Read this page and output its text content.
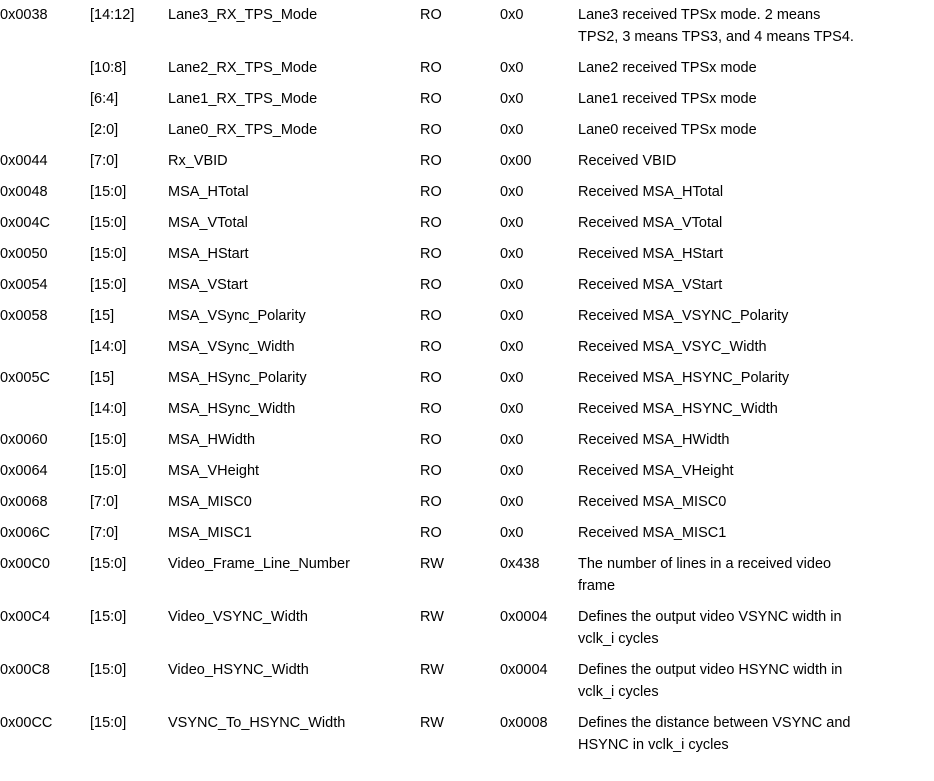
0x0038	[14:12]	Lane3_RX_TPS_Mode	RO	0x0	Lane3 received TPSx mode. 2 means
TPS2, 3 means TPS3, and 4 means TPS4.

	[10:8]	Lane2_RX_TPS_Mode	RO	0x0	Lane2 received TPSx mode

	[6:4]	Lane1_RX_TPS_Mode	RO	0x0	Lane1 received TPSx mode

	[2:0]	Lane0_RX_TPS_Mode	RO	0x0	Lane0 received TPSx mode

0x0044	[7:0]	Rx_VBID	RO	0x00	Received VBID

0x0048	[15:0]	MSA_HTotal	RO	0x0	Received MSA_HTotal

0x004C	[15:0]	MSA_VTotal	RO	0x0	Received MSA_VTotal

0x0050	[15:0]	MSA_HStart	RO	0x0	Received MSA_HStart

0x0054	[15:0]	MSA_VStart	RO	0x0	Received MSA_VStart

0x0058	[15]	MSA_VSync_Polarity	RO	0x0	Received MSA_VSYNC_Polarity

	[14:0]	MSA_VSync_Width	RO	0x0	Received MSA_VSYC_Width

0x005C	[15]	MSA_HSync_Polarity	RO	0x0	Received MSA_HSYNC_Polarity

	[14:0]	MSA_HSync_Width	RO	0x0	Received MSA_HSYNC_Width

0x0060	[15:0]	MSA_HWidth	RO	0x0	Received MSA_HWidth

0x0064	[15:0]	MSA_VHeight	RO	0x0	Received MSA_VHeight

0x0068	[7:0]	MSA_MISC0	RO	0x0	Received MSA_MISC0

0x006C	[7:0]	MSA_MISC1	RO	0x0	Received MSA_MISC1

0x00C0	[15:0]	Video_Frame_Line_Number	RW	0x438	The number of lines in a received video
frame

0x00C4	[15:0]	Video_VSYNC_Width	RW	0x0004	Defines the output video VSYNC width in
vclk_i cycles

0x00C8	[15:0]	Video_HSYNC_Width	RW	0x0004	Defines the output video HSYNC width in
vclk_i cycles

0x00CC	[15:0]	VSYNC_To_HSYNC_Width	RW	0x0008	Defines the distance between VSYNC and
HSYNC in vclk_i cycles
